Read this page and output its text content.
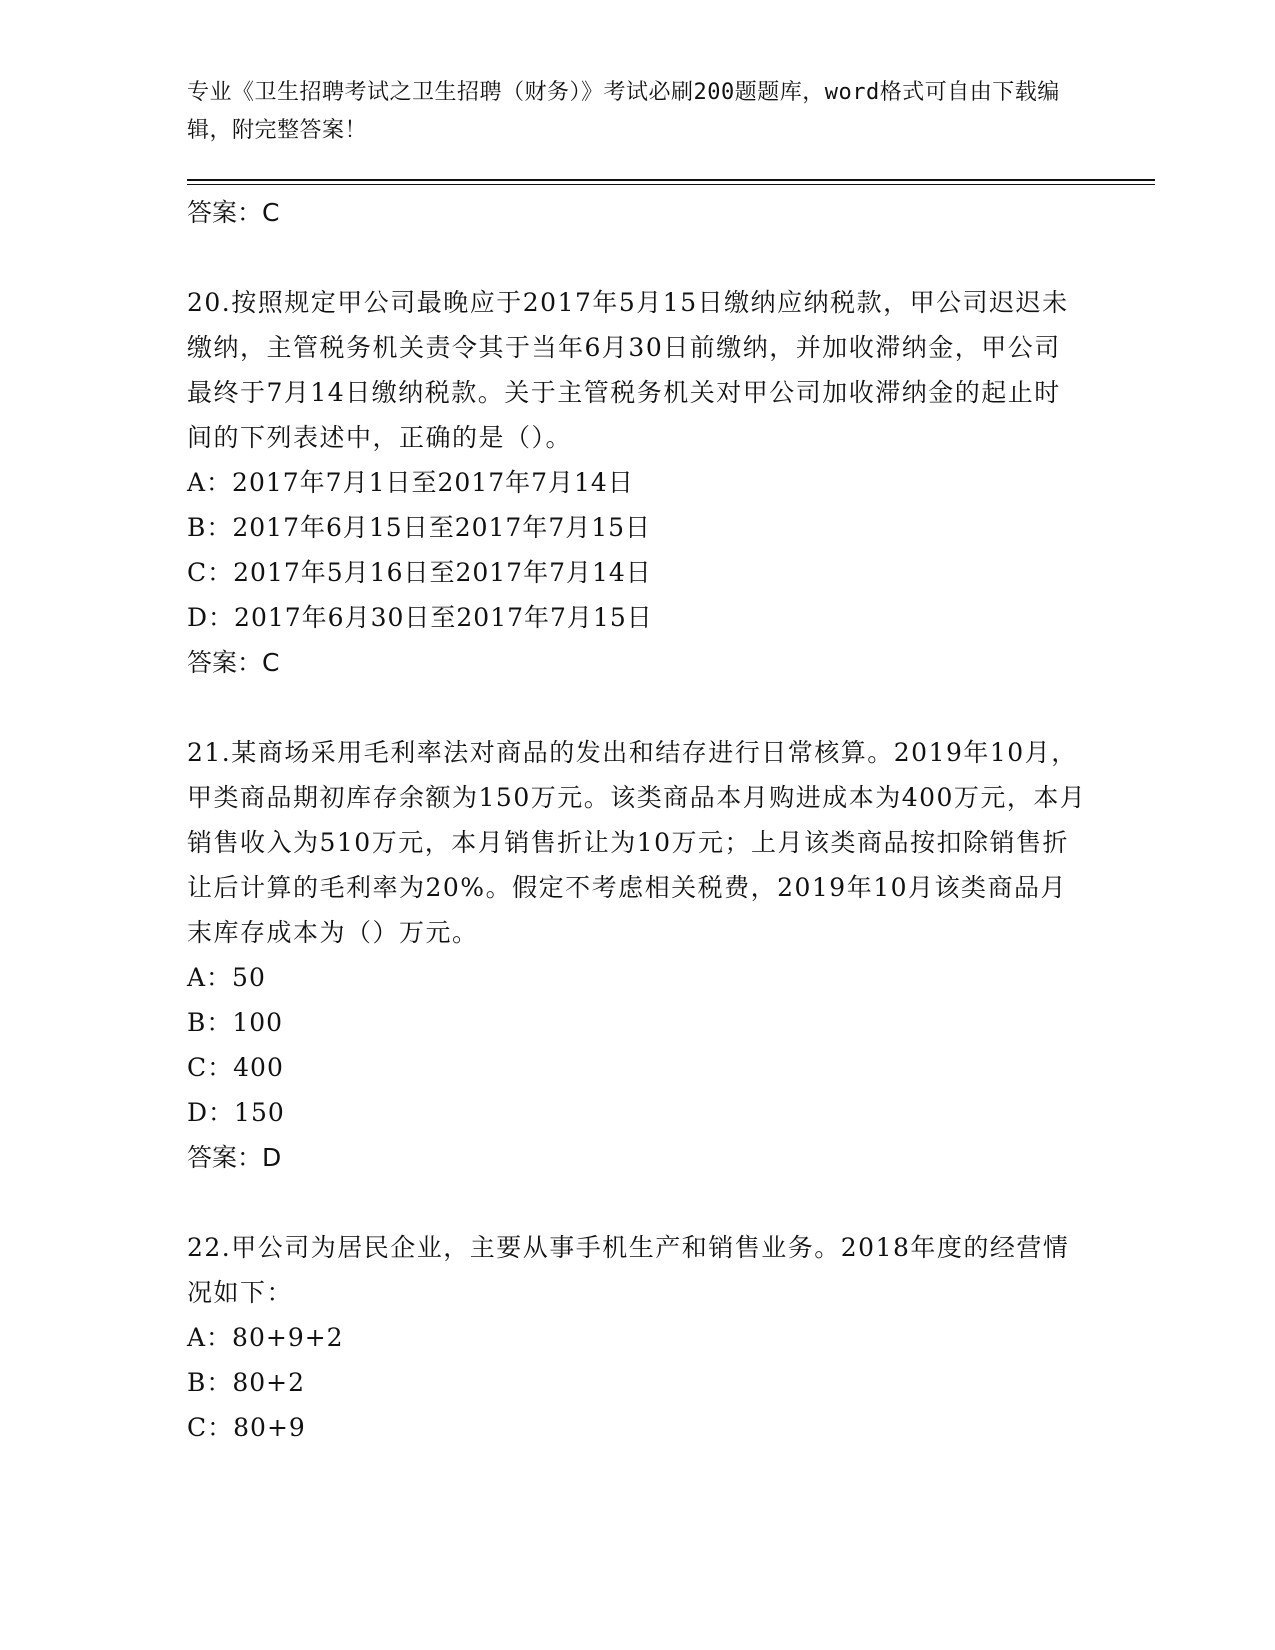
专业《卫生招聘考试之卫生招聘（财务）》考试必刷200题题库，word格式可自由下载编辑，附完整答案！
答案：C
20.按照规定甲公司最晚应于2017年5月15日缴纳应纳税款，甲公司迟迟未缴纳，主管税务机关责令其于当年6月30日前缴纳，并加收滞纳金，甲公司最终于7月14日缴纳税款。关于主管税务机关对甲公司加收滞纳金的起止时间的下列表述中，正确的是（）。
A：2017年7月1日至2017年7月14日
B：2017年6月15日至2017年7月15日
C：2017年5月16日至2017年7月14日
D：2017年6月30日至2017年7月15日
答案：C
21.某商场采用毛利率法对商品的发出和结存进行日常核算。2019年10月，甲类商品期初库存余额为150万元。该类商品本月购进成本为400万元，本月销售收入为510万元，本月销售折让为10万元；上月该类商品按扣除销售折让后计算的毛利率为20%。假定不考虑相关税费，2019年10月该类商品月末库存成本为（）万元。
A：50
B：100
C：400
D：150
答案：D
22.甲公司为居民企业，主要从事手机生产和销售业务。2018年度的经营情况如下：
A：80+9+2
B：80+2
C：80+9
